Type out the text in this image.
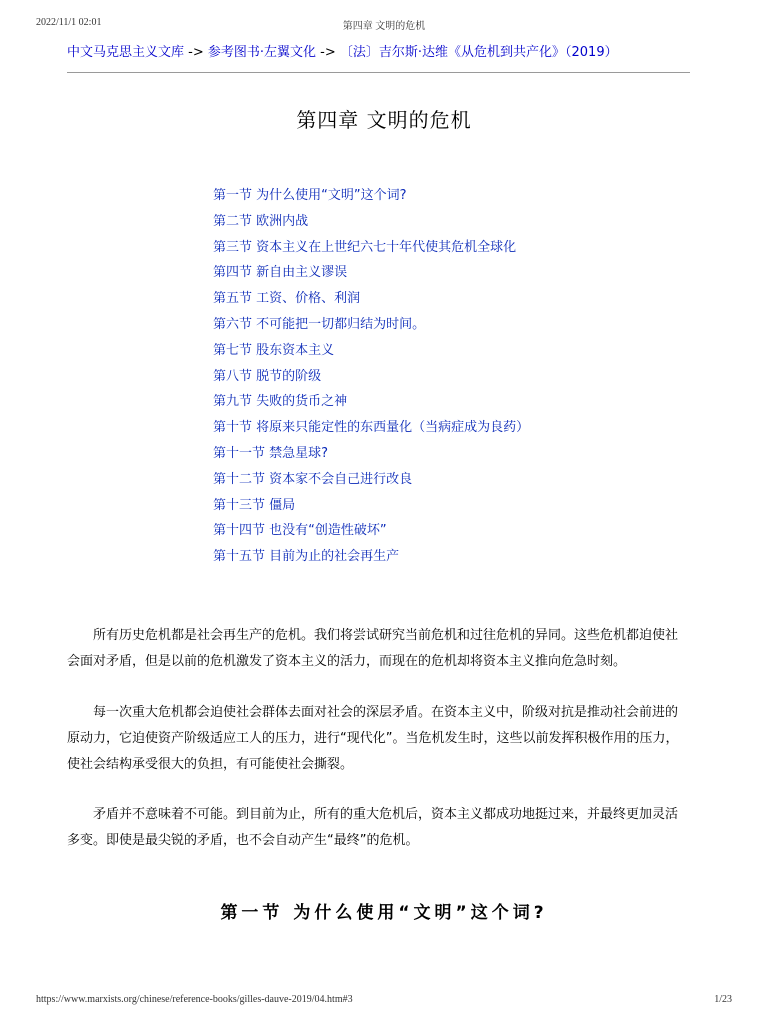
2022/11/1 02:01	第四章 文明的危机
中文马克思主义文库 -> 参考图书·左翼文化 -> 〔法〕吉尔斯·达维《从危机到共产化》（2019）
第四章 文明的危机
第一节 为什么使用“文明”这个词?
第二节 欧洲内战
第三节 资本主义在上世纪六七十年代使其危机全球化
第四节 新自由主义谬误
第五节 工资、价格、利润
第六节 不可能把一切都归结为时间。
第七节 股东资本主义
第八节 脱节的阶级
第九节 失败的货币之神
第十节 将原来只能定性的东西量化（当病症成为良药）
第十一节 禁急星球?
第十二节 资本家不会自己进行改良
第十三节 僵局
第十四节 也没有“创造性破坏”
第十五节 目前为止的社会再生产

所有历史危机都是社会再生产的危机。我们将尝试研究当前危机和过往危机的异同。这些危机都迫使社会面对矛盾，但是以前的危机激发了资本主义的活力，而现在的危机却将资本主义推向危急时刻。

每一次重大危机都会迫使社会群体去面对社会的深层矛盾。在资本主义中，阶级对抗是推动社会前进的原动力，它迫使资产阶级适应工人的压力，进行“现代化”。当危机发生时，这些以前发挥积极作用的压力，使社会结构承受很大的负担，有可能使社会撕裂。

矛盾并不意味着不可能。到目前为止，所有的重大危机后，资本主义都成功地挺过来，并最终更加灵活多变。即使是最尖锐的矛盾，也不会自动产生“最终”的危机。

第一节 为什么使用“文明”这个词?
https://www.marxists.org/chinese/reference-books/gilles-dauve-2019/04.htm#3	1/23
